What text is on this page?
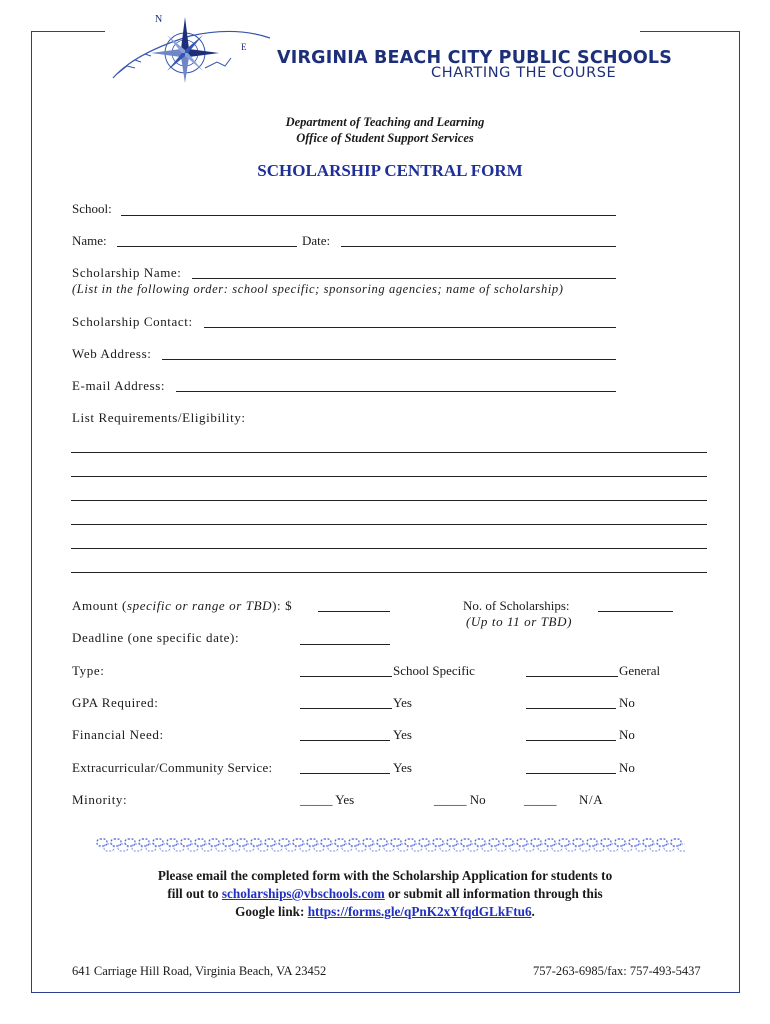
N
E
VIRGINIA BEACH CITY PUBLIC SCHOOLS
CHARTING THE COURSE
Department of Teaching and Learning
Office of Student Support Services
SCHOLARSHIP CENTRAL FORM
School:
Name:	Date:
Scholarship Name:
(List in the following order: school specific; sponsoring agencies; name of scholarship)
Scholarship Contact:
Web Address:
E-mail Address:
List Requirements/Eligibility:
Amount (specific or range or TBD): $	No. of Scholarships:
(Up to 11 or TBD)
Deadline (one specific date):
Type:	School Specific	General
GPA Required:	Yes	No
Financial Need:	Yes	No
Extracurricular/Community Service:	Yes	No
Minority:	_____ Yes	_____ No	_____ N/A
Please email the completed form with the Scholarship Application for students to
fill out to scholarships@vbschools.com or submit all information through this
Google link: https://forms.gle/qPnK2xYfqdGLkFtu6.
641 Carriage Hill Road, Virginia Beach, VA 23452	757-263-6985/fax: 757-493-5437
